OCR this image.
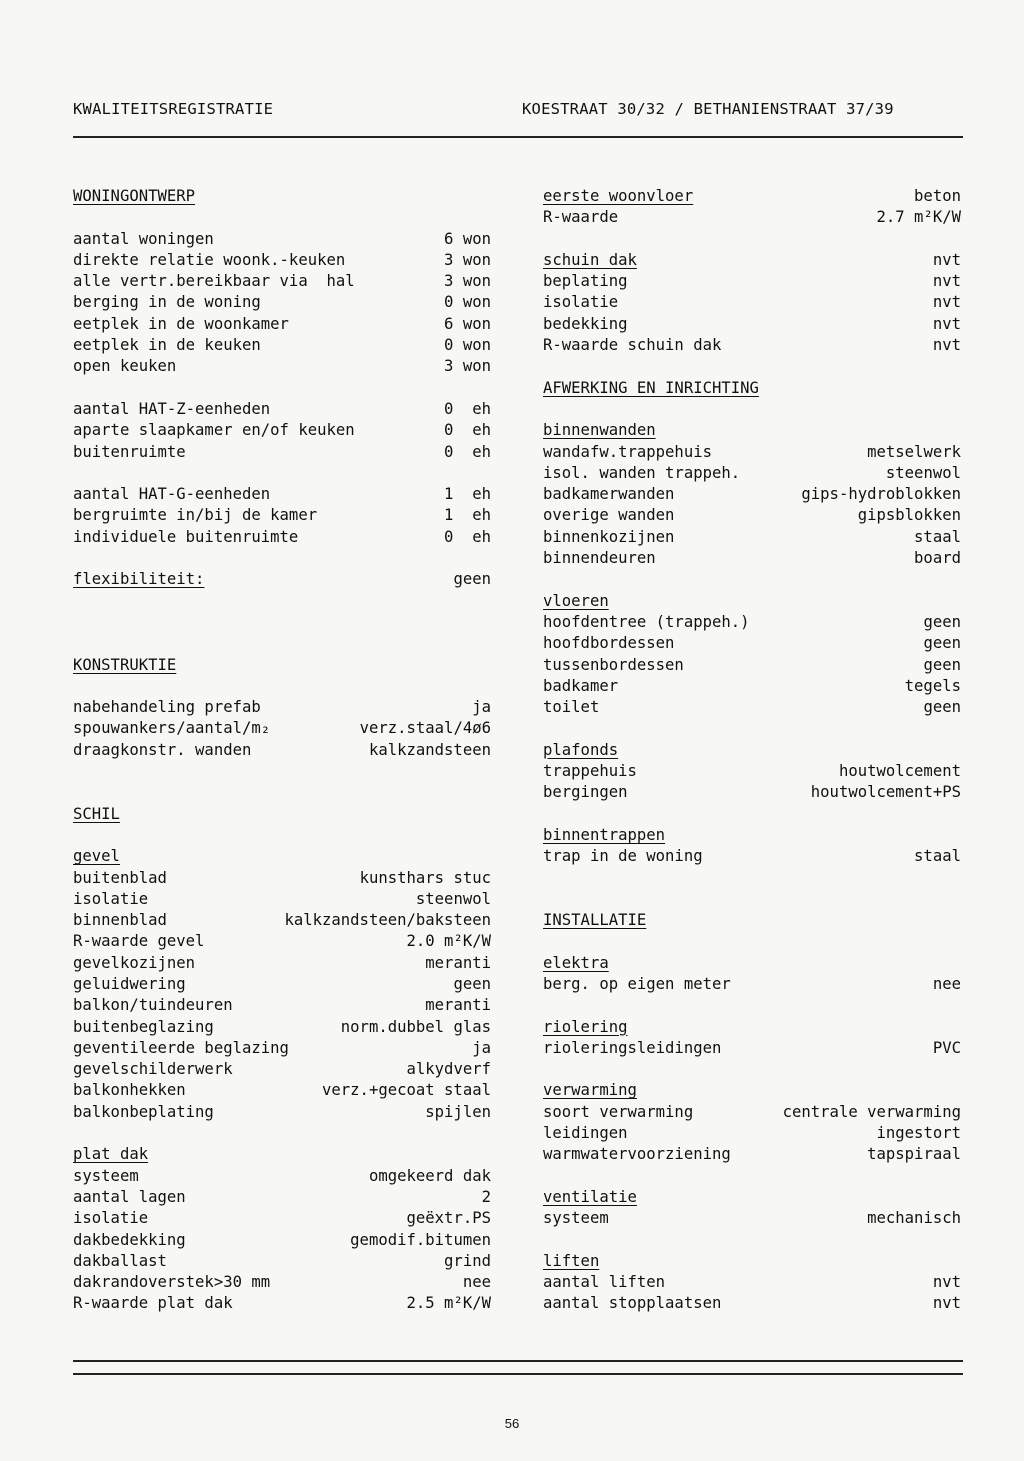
KWALITEITSREGISTRATIE	KOESTRAAT 30/32 / BETHANIENSTRAAT 37/39
WONINGONTWERP
aantal woningen	6 won
direkte relatie woonk.-keuken	3 won
alle vertr.bereikbaar via  hal	3 won
berging in de woning	0 won
eetplek in de woonkamer	6 won
eetplek in de keuken	0 won
open keuken	3 won
aantal HAT-Z-eenheden	0  eh
aparte slaapkamer en/of keuken	0  eh
buitenruimte	0  eh
aantal HAT-G-eenheden	1  eh
bergruimte in/bij de kamer	1  eh
individuele buitenruimte	0  eh
flexibiliteit:	geen
KONSTRUKTIE
nabehandeling prefab	ja
spouwankers/aantal/m₂	verz.staal/4ø6
draagkonstr. wanden	kalkzandsteen
SCHIL
gevel
buitenblad	kunsthars stuc
isolatie	steenwol
binnenblad	kalkzandsteen/baksteen
R-waarde gevel	2.0 m²K/W
gevelkozijnen	meranti
geluidwering	geen
balkon/tuindeuren	meranti
buitenbeglazing	norm.dubbel glas
geventileerde beglazing	ja
gevelschilderwerk	alkydverf
balkonhekken	verz.+gecoat staal
balkonbeplating	spijlen
plat dak
systeem	omgekeerd dak
aantal lagen	2
isolatie	geëxtr.PS
dakbedekking	gemodif.bitumen
dakballast	grind
dakrandoverstek>30 mm	nee
R-waarde plat dak	2.5 m²K/W
eerste woonvloer	beton
R-waarde	2.7 m²K/W
schuin dak	nvt
beplating	nvt
isolatie	nvt
bedekking	nvt
R-waarde schuin dak	nvt
AFWERKING EN INRICHTING
binnenwanden
wandafw.trappehuis	metselwerk
isol. wanden trappeh.	steenwol
badkamerwanden	gips-hydroblokken
overige wanden	gipsblokken
binnenkozijnen	staal
binnendeuren	board
vloeren
hoofdentree (trappeh.)	geen
hoofdbordessen	geen
tussenbordessen	geen
badkamer	tegels
toilet	geen
plafonds
trappehuis	houtwolcement
bergingen	houtwolcement+PS
binnentrappen
trap in de woning	staal
INSTALLATIE
elektra
berg. op eigen meter	nee
riolering
rioleringsleidingen	PVC
verwarming
soort verwarming	centrale verwarming
leidingen	ingestort
warmwatervoorziening	tapspiraal
ventilatie
systeem	mechanisch
liften
aantal liften	nvt
aantal stopplaatsen	nvt
56
